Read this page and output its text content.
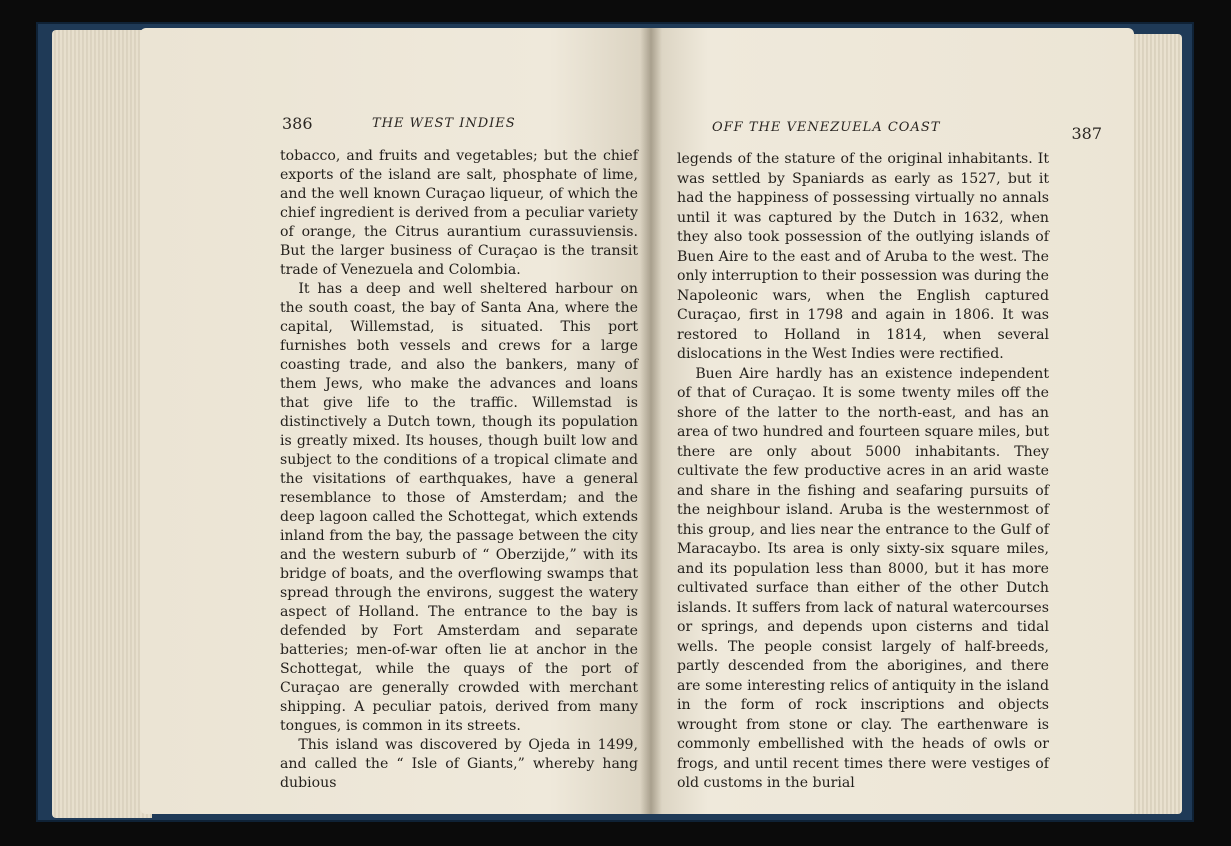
386	THE WEST INDIES	OFF THE VENEZUELA COAST	387

tobacco, and fruits and vegetables; but the chief exports of the island are salt, phosphate of lime, and the well known Curaçao liqueur, of which the chief ingredient is derived from a peculiar variety of orange, the Citrus aurantium curassuviensis. But the larger business of Curaçao is the transit trade of Venezuela and Colombia.

It has a deep and well sheltered harbour on the south coast, the bay of Santa Ana, where the capital, Willemstad, is situated. This port furnishes both vessels and crews for a large coasting trade, and also the bankers, many of them Jews, who make the advances and loans that give life to the traffic. Willemstad is distinctively a Dutch town, though its population is greatly mixed. Its houses, though built low and subject to the conditions of a tropical climate and the visitations of earthquakes, have a general resemblance to those of Amsterdam; and the deep lagoon called the Schottegat, which extends inland from the bay, the passage between the city and the western suburb of “ Oberzijde,” with its bridge of boats, and the overflowing swamps that spread through the environs, suggest the watery aspect of Holland. The entrance to the bay is defended by Fort Amsterdam and separate batteries; men-of-war often lie at anchor in the Schottegat, while the quays of the port of Curaçao are generally crowded with merchant shipping. A peculiar patois, derived from many tongues, is common in its streets.

This island was discovered by Ojeda in 1499, and called the “ Isle of Giants,” whereby hang dubious

legends of the stature of the original inhabitants. It was settled by Spaniards as early as 1527, but it had the happiness of possessing virtually no annals until it was captured by the Dutch in 1632, when they also took possession of the outlying islands of Buen Aire to the east and of Aruba to the west. The only interruption to their possession was during the Napoleonic wars, when the English captured Curaçao, first in 1798 and again in 1806. It was restored to Holland in 1814, when several dislocations in the West Indies were rectified.

Buen Aire hardly has an existence independent of that of Curaçao. It is some twenty miles off the shore of the latter to the north-east, and has an area of two hundred and fourteen square miles, but there are only about 5000 inhabitants. They cultivate the few productive acres in an arid waste and share in the fishing and seafaring pursuits of the neighbour island. Aruba is the westernmost of this group, and lies near the entrance to the Gulf of Maracaybo. Its area is only sixty-six square miles, and its population less than 8000, but it has more cultivated surface than either of the other Dutch islands. It suffers from lack of natural watercourses or springs, and depends upon cisterns and tidal wells. The people consist largely of half-breeds, partly descended from the aborigines, and there are some interesting relics of antiquity in the island in the form of rock inscriptions and objects wrought from stone or clay. The earthenware is commonly embellished with the heads of owls or frogs, and until recent times there were vestiges of old customs in the burial
